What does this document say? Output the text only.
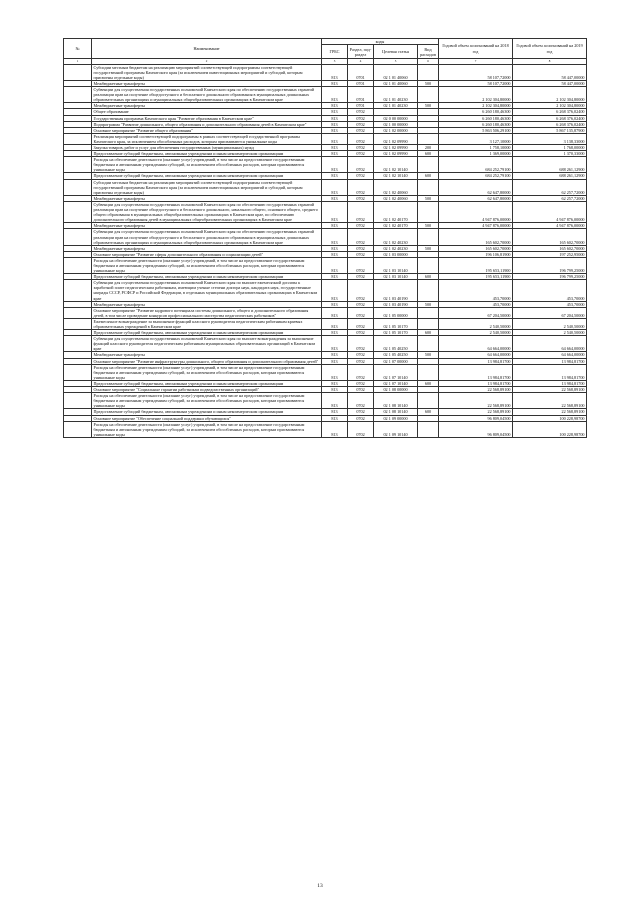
№	Наименование	коды				Годовой объем ассигнований на 2018 год	Годовой объем ассигнований на 2019 год
		ГРБС	Раздел, под-раздел	Целевая статья	Вид расходов		
1	2	3	4	5	6	7	8
	Субсидии местным бюджетам на реализацию мероприятий соответствующей подпрограммы соответствующей государственной программы Камчатского края (за исключением инвестиционных мероприятий и субсидий, которым присвоены отдельные коды)	813	0701	02 1 01 40060		58 107,72000	58 447,00000
	Межбюджетные трансферты	813	0701	02 1 01 40060	500	58 107,72000	58 447,00000
	Субвенции для осуществления государственных полномочий Камчатского края по обеспечению государственных гарантий реализации прав на получение общедоступного и бесплатного дошкольного образования в муниципальных дошкольных образовательных организациях и муниципальных общеобразовательных организациях в Камчатском крае	813	0701	02 1 01 40230		2 102 304,80000	2 102 304,80000
	Межбюджетные трансферты	813	0701	02 1 01 40230	500	2 102 304,80000	2 102 304,80000
	Общее образование	813	0702			6 260 180,46300	6 268 376,02400
	Государственная программа Камчатского края "Развитие образования в Камчатском крае"	813	0702	02 0 00 00000		6 260 180,46300	6 268 376,02400
	Подпрограмма "Развитие дошкольного, общего образования и дополнительного образования детей в Камчатском крае"	813	0702	02 1 00 00000		6 260 180,46300	6 268 376,02400
	Основное мероприятие "Развитие общего образования"	813	0702	02 1 02 00000		5 863 506,29100	5 867 135,87900
	Реализация мероприятий соответствующей подпрограммы в рамках соответствующей государственной программы Камчатского края, за исключением обособленных расходов, которым присваиваются уникальные коды	813	0702	02 1 02 09990		3 127,10000	3 138,33000
	Закупка товаров, работ и услуг для обеспечения государственных (муниципальных) нужд	813	0702	02 1 02 09990	200	1 758,10000	1 768,00000
	Предоставление субсидий бюджетным, автономным учреждениям и иным некоммерческим организациям	813	0702	02 1 02 09990	600	1 369,00000	1 370,33000
	Расходы на обеспечение деятельности (оказание услуг) учреждений, в том числе на предоставление государственным бюджетным и автономным учреждениям субсидий, за исключением обособленных расходов, которым присваиваются уникальные коды	813	0702	02 1 02 10140		684 252,79100	688 261,12900
	Предоставление субсидий бюджетным, автономным учреждениям и иным некоммерческим организациям	813	0702	02 1 02 10140	600	684 252,79100	688 261,12900
	Субсидии местным бюджетам на реализацию мероприятий соответствующей подпрограммы соответствующей государственной программы Камчатского края (за исключением инвестиционных мероприятий и субсидий, которым присвоены отдельные коды)	813	0702	02 1 02 40060		62 647,80000	62 257,72000
	Межбюджетные трансферты	813	0702	02 1 02 40060	500	62 647,80000	62 257,72000
	Субвенции для осуществления государственных полномочий Камчатского края по обеспечению государственных гарантий реализации прав на получение общедоступного и бесплатного дошкольного, начального общего, основного общего, среднего общего образования в муниципальных общеобразовательных организациях в Камчатском крае, по обеспечению дополнительного образования детей в муниципальных общеобразовательных организациях в Камчатском крае	813	0702	02 1 02 40170		4 947 876,00000	4 947 876,00000
	Межбюджетные трансферты	813	0702	02 1 02 40170	500	4 947 876,00000	4 947 876,00000
	Субвенции для осуществления государственных полномочий Камчатского края по обеспечению государственных гарантий реализации прав на получение общедоступного и бесплатного дошкольного образования в муниципальных дошкольных образовательных организациях и муниципальных общеобразовательных организациях в Камчатском крае	813	0702	02 1 02 40230		165 602,70000	165 602,70000
	Межбюджетные трансферты	813	0702	02 1 02 40230	500	165 602,70000	165 602,70000
	Основное мероприятие "Развитие сферы дополнительного образования и социализации детей"	813	0702	02 1 03 00000		196 106,81900	197 252,95000
	Расходы на обеспечение деятельности (оказание услуг) учреждений, в том числе на предоставление государственным бюджетным и автономным учреждениям субсидий, за исключением обособленных расходов, которым присваиваются уникальные коды	813	0702	02 1 03 10140		195 653,11900	196 799,25000
	Предоставление субсидий бюджетным, автономным учреждениям и иным некоммерческим организациям	813	0702	02 1 03 10140	600	195 653,11900	196 799,25000
	Субвенции для осуществления государственных полномочий Камчатского края по выплате ежемесячной доплаты к заработной плате педагогическим работникам, имеющим ученые степени доктора наук, кандидата наук, государственные награды СССР, РСФСР и Российской Федерации, в отдельных муниципальных образовательных организациях в Камчатском крае	813	0702	02 1 03 40190		453,70000	453,70000
	Межбюджетные трансферты	813	0702	02 1 03 40190	500	453,70000	453,70000
	Основное мероприятие "Развитие кадрового потенциала системы дошкольного, общего и дополнительного образования детей, в том числе проведение конкурсов профессионального мастерства педагогических работников"	813	0702	02 1 05 00000		67 204,50000	67 204,50000
	Ежемесячное вознаграждение за выполнение функций классного руководителя педагогическим работникам краевых образовательных учреждений в Камчатском крае	813	0702	02 1 05 10170		2 540,50000	2 540,50000
	Предоставление субсидий бюджетным, автономным учреждениям и иным некоммерческим организациям	813	0702	02 1 05 10170	600	2 540,50000	2 540,50000
	Субвенции для осуществления государственных полномочий Камчатского края по выплате вознаграждения за выполнение функций классного руководителя педагогическим работникам муниципальных образовательных организаций в Камчатском крае	813	0702	02 1 05 40250		64 664,00000	64 664,00000
	Межбюджетные трансферты	813	0702	02 1 05 40250	500	64 664,00000	64 664,00000
	Основное мероприятие "Развитие инфраструктуры дошкольного, общего образования и дополнительного образования детей"	813	0702	02 1 07 00000		13 984,81700	13 984,81700
	Расходы на обеспечение деятельности (оказание услуг) учреждений, в том числе на предоставление государственным бюджетным и автономным учреждениям субсидий, за исключением обособленных расходов, которым присваиваются уникальные коды	813	0702	02 1 07 10140		13 984,81700	13 984,81700
	Предоставление субсидий бюджетным, автономным учреждениям и иным некоммерческим организациям	813	0702	02 1 07 10140	600	13 984,81700	13 984,81700
	Основное мероприятие "Социальные гарантии работникам подведомственных организаций"	813	0702	02 1 08 00000		22 568,89100	22 568,89100
	Расходы на обеспечение деятельности (оказание услуг) учреждений, в том числе на предоставление государственным бюджетным и автономным учреждениям субсидий, за исключением обособленных расходов, которым присваиваются уникальные коды	813	0702	02 1 08 10140		22 568,89100	22 568,89100
	Предоставление субсидий бюджетным, автономным учреждениям и иным некоммерческим организациям	813	0702	02 1 08 10140	600	22 568,89100	22 568,89100
	Основное мероприятие "Обеспечение социальной поддержки обучающихся"	813	0702	02 1 09 00000		96 809,04500	100 228,98700
	Расходы на обеспечение деятельности (оказание услуг) учреждений, в том числе на предоставление государственным бюджетным и автономным учреждениям субсидий, за исключением обособленных расходов, которым присваиваются уникальные коды	813	0702	02 1 09 10140		96 809,04500	100 228,98700
13
